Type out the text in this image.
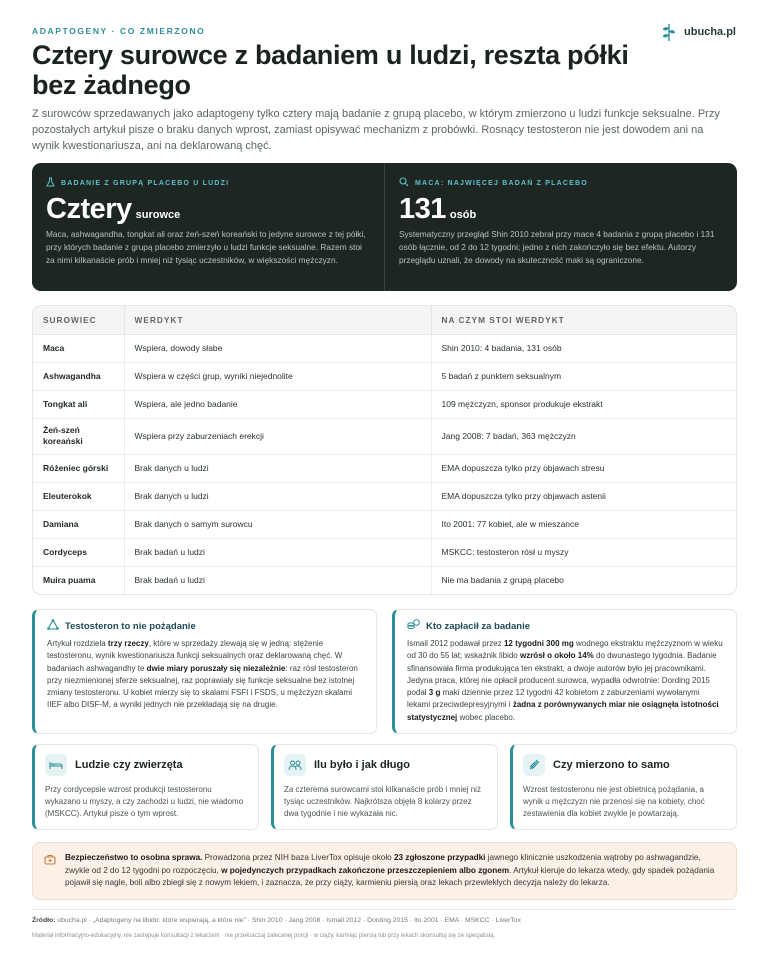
ADAPTOGENY · CO ZMIERZONO	ubucha.pl
Cztery surowce z badaniem u ludzi, reszta półki bez żadnego

Z surowców sprzedawanych jako adaptogeny tylko cztery mają badanie z grupą placebo, w którym zmierzono u ludzi funkcje seksualne. Przy pozostałych artykuł pisze o braku danych wprost, zamiast opisywać mechanizm z probówki. Rosnący testosteron nie jest dowodem ani na wynik kwestionariusza, ani na deklarowaną chęć.

BADANIE Z GRUPĄ PLACEBO U LUDZI
Cztery surowce

Maca, ashwagandha, tongkat ali oraz żeń-szeń koreański to jedyne surowce z tej półki, przy których badanie z grupą placebo zmierzyło u ludzi funkcje seksualne. Razem stoi za nimi kilkanaście prób i mniej niż tysiąc uczestników, w większości mężczyzn.

MACA: NAJWIĘCEJ BADAŃ Z PLACEBO
131 osób

Systematyczny przegląd Shin 2010 zebrał przy mace 4 badania z grupą placebo i 131 osób łącznie, od 2 do 12 tygodni; jedno z nich zakończyło się bez efektu. Autorzy przeglądu uznali, że dowody na skuteczność maki są ograniczone.

SUROWIEC	WERDYKT	NA CZYM STOI WERDYKT
Maca	Wspiera, dowody słabe	Shin 2010: 4 badania, 131 osób
Ashwagandha	Wspiera w części grup, wyniki niejednolite	5 badań z punktem seksualnym
Tongkat ali	Wspiera, ale jedno badanie	109 mężczyzn, sponsor produkuje ekstrakt
Żeń-szeń koreański	Wspiera przy zaburzeniach erekcji	Jang 2008: 7 badań, 363 mężczyzn
Różeniec górski	Brak danych u ludzi	EMA dopuszcza tylko przy objawach stresu
Eleuterokok	Brak danych u ludzi	EMA dopuszcza tylko przy objawach astenii
Damiana	Brak danych o samym surowcu	Ito 2001: 77 kobiet, ale w mieszance
Cordyceps	Brak badań u ludzi	MSKCC: testosteron rósł u myszy
Muira puama	Brak badań u ludzi	Nie ma badania z grupą placebo
Testosteron to nie pożądanie

Artykuł rozdziela trzy rzeczy, które w sprzedaży zlewają się w jedną: stężenie testosteronu, wynik kwestionariusza funkcji seksualnych oraz deklarowaną chęć. W badaniach ashwagandhy te dwie miary poruszały się niezależnie: raz rósł testosteron przy niezmienionej sferze seksualnej, raz poprawiały się funkcje seksualne bez istotnej zmiany testosteronu. U kobiet mierzy się to skalami FSFI i FSDS, u mężczyzn skalami IIEF albo DISF-M, a wyniki jednych nie przekładają się na drugie.

Kto zapłacił za badanie

Ismail 2012 podawał przez 12 tygodni 300 mg wodnego ekstraktu mężczyznom w wieku od 30 do 55 lat; wskaźnik libido wzrósł o około 14% do dwunastego tygodnia. Badanie sfinansowała firma produkująca ten ekstrakt, a dwoje autorów było jej pracownikami. Jedyna praca, której nie opłacił producent surowca, wypadła odwrotnie: Dording 2015 podał 3 g maki dziennie przez 12 tygodni 42 kobietom z zaburzeniami wywołanymi lekami przeciwdepresyjnymi i żadna z porównywanych miar nie osiągnęła istotności statystycznej wobec placebo.

Ludzie czy zwierzęta

Przy cordycepsie wzrost produkcji testosteronu wykazano u myszy, a czy zachodzi u ludzi, nie wiadomo (MSKCC). Artykuł pisze o tym wprost.

Ilu było i jak długo

Za czterema surowcami stoi kilkanaście prób i mniej niż tysiąc uczestników. Najkrótsza objęła 8 kolarzy przez dwa tygodnie i nie wykazała nic.

Czy mierzono to samo

Wzrost testosteronu nie jest obietnicą pożądania, a wynik u mężczyzn nie przenosi się na kobiety, choć zestawienia dla kobiet zwykle je powtarzają.

Bezpieczeństwo to osobna sprawa. Prowadzona przez NIH baza LiverTox opisuje około 23 zgłoszone przypadki jawnego klinicznie uszkodzenia wątroby po ashwagandzie, zwykle od 2 do 12 tygodni po rozpoczęciu, w pojedynczych przypadkach zakończone przeszczepieniem albo zgonem. Artykuł kieruje do lekarza wtedy, gdy spadek pożądania pojawił się nagle, boli albo zbiegł się z nowym lekiem, i zaznacza, że przy ciąży, karmieniu piersią oraz lekach przewlekłych decyzja należy do lekarza.

Źródło: ubucha.pl · „Adaptogeny na libido: które wspierają, a które nie” · Shin 2010 · Jang 2008 · Ismail 2012 · Dording 2015 · Ito 2001 · EMA · MSKCC · LiverTox

Materiał informacyjno-edukacyjny, nie zastępuje konsultacji z lekarzem · nie przekraczaj zalecanej porcji · w ciąży, karmiąc piersią lub przy lekach skonsultuj się ze specjalistą.
